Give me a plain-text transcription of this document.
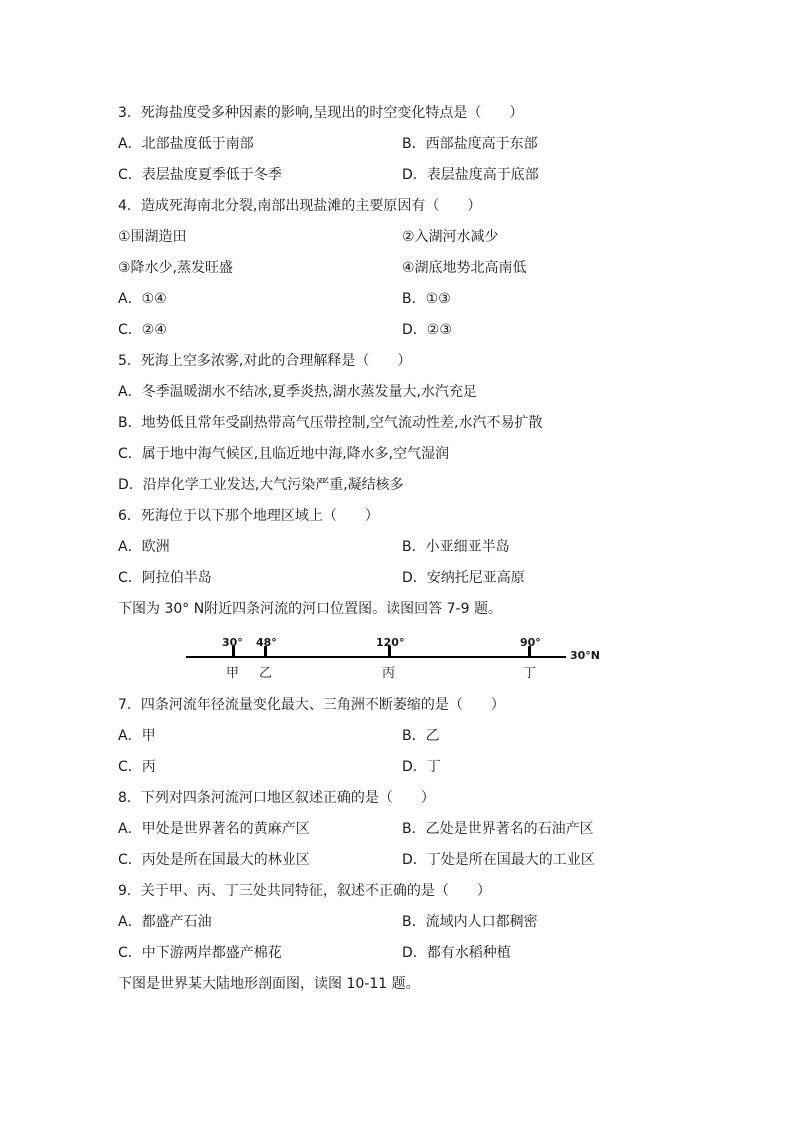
3．死海盐度受多种因素的影响,呈现出的时空变化特点是（　　）
A．北部盐度低于南部	B．西部盐度高于东部
C．表层盐度夏季低于冬季	D．表层盐度高于底部
4．造成死海南北分裂,南部出现盐滩的主要原因有（　　）
①围湖造田	②入湖河水减少
③降水少,蒸发旺盛	④湖底地势北高南低
A．①④	B．①③
C．②④	D．②③
5．死海上空多浓雾,对此的合理解释是（　　）
A．冬季温暖湖水不结冰,夏季炎热,湖水蒸发量大,水汽充足
B．地势低且常年受副热带高气压带控制,空气流动性差,水汽不易扩散
C．属于地中海气候区,且临近地中海,降水多,空气湿润
D．沿岸化学工业发达,大气污染严重,凝结核多
6．死海位于以下那个地理区域上（　　）
A．欧洲	B．小亚细亚半岛
C．阿拉伯半岛	D．安纳托尼亚高原
下图为 30° N附近四条河流的河口位置图。读图回答 7-9 题。
30° 48°	120°	90°
甲 乙	丙	丁
30°N
7．四条河流年径流量变化最大、三角洲不断萎缩的是（　　）
A．甲	B．乙
C．丙	D．丁
8．下列对四条河流河口地区叙述正确的是（　　）
A．甲处是世界著名的黄麻产区	B．乙处是世界著名的石油产区
C．丙处是所在国最大的林业区	D．丁处是所在国最大的工业区
9．关于甲、丙、丁三处共同特征，叙述不正确的是（　　）
A．都盛产石油	B．流域内人口都稠密
C．中下游两岸都盛产棉花	D．都有水稻种植
下图是世界某大陆地形剖面图，读图 10-11 题。
